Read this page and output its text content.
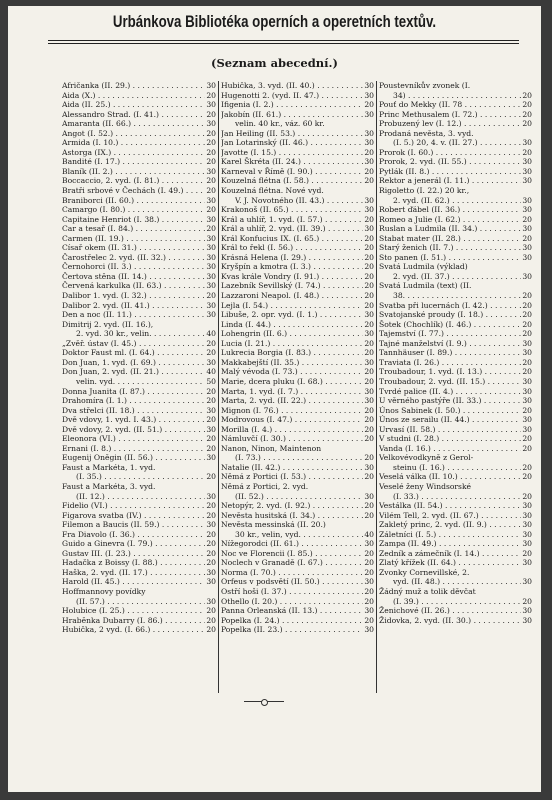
Urbánkova Bibliotéka operních a operetních textův.
(Seznam abecední.)
Afričanka (II. 29.) . . .	30
Aida (X.) . . .	20
Aida (II. 25.) . . .	30
Alessandro Strad. (I. 41.) . . .	20
Amaranta (II. 66.) . . .	30
Angot (I. 52.) . . .	20
Armida (I. 10.) . . .	20
Astorga (IX.) . . .	20
Bandité (I. 17.) . . .	20
Blaník (II. 2.) . . .	30
Boccaccio, 2. vyd. (I. 81.) . . .	20
Bratři srbové v Čechách (I. 49.) . . .	20
Braniborci (II. 60.) . . .	30
Camargo (I. 80.) . . .	20
Capitaine Henriot (I. 38.) . . .	30
Car a tesař (I. 84.) . . .	20
Carmen (II. 19.) . . .	30
Císař okem (II. 31.) . . .	30
Čarostřelec 2. vyd. (II. 32.) . . .	30
Černohorci (II. 3.) . . .	30
Čertova stěna (II. 14.) . . .	30
Červená karkulka (II. 63.) . . .	30
Dalibor 1. vyd. (I. 32.) . . .	20
Dalibor 2. vyd. (II. 41.) . . .	30
Den a noc (II. 11.) . . .	30
Dimitrij 2. vyd. (II. 16.),
2. vyd. 30 kr., velin. . . .	40
„Zvěř. ústav (I. 45.) . . .	20
Doktor Faust ml. (I. 64.) . . .	20
Don Juan, 1. vyd. (I. 69.) . . .	30
Don Juan, 2. vyd. (II. 21.) . . .	40
velin. vyd. . . .	50
Donna Juanita (I. 87.) . . .	20
Drahomíra (I. 1.) . . .	20
Dva střelci (II. 18.) . . .	30
Dvě vdovy, 1. vyd. I. 43.) . . .	20
Dvě vdovy, 2. vyd. (II. 51.) . . .	30
Eleonora (VI.) . . .	20
Ernani (I. 8.) . . .	20
Eugenij Oněgin (II. 56.) . . .	30
Faust a Markéta, 1. vyd.
(I. 35.) . . .	20
Faust a Markéta, 3. vyd.
(II. 12.) . . .	30
Fidelio (VI.) . . .	20
Figarova svatba (IV.) . . .	20
Filemon a Baucis (II. 59.) . . .	30
Fra Diavolo (I. 36.) . . .	20
Guido a Ginevra (I. 79.) . . .	20
Gustav III. (I. 23.) . . .	20
Hadačka z Boissy (I. 88.) . . .	20
Haška, 2. vyd. (II. 17.) . . .	30
Harold (II. 45.) . . .	30
Hoffmannovy povídky
(II. 57.) . . .	30
Holubice (I. 25.) . . .	20
Hraběnka Dubarry (I. 86.) . . .	20
Hubička, 2 vyd. (I. 66.) . . .	20
Hubička, 3. vyd. (II. 40.) . . .	30
Hugenotti 2. (vyd. II. 47.) . . .	30
Ifigenia (I. 2.) . . .	20
Jakobín (II. 61.) . . .	30
velin. 40 kr., váz. 60 kr.
Jan Heiling (II. 53.) . . .	30
Jan Lotarinský (II. 46.) . . .	30
Javotte (I. 15.) . . .	20
Karel Škréta (II. 24.) . . .	30
Karneval v Římě (I. 90.) . . .	20
Kouzelná flétna (I. 58.) . . .	20
Kouzelná flétna. Nové vyd.
V. J. Novotného (II. 43.) . . .	30
Krakonoš (II. 65.) . . .	30
Král a uhlíř, 1. vyd. (I. 57.) . . .	20
Král a uhlíř, 2. vyd. (II. 39.) . . .	30
Král Konfucius IX. (I. 65.) . . .	20
Král to řekl (I. 56.) . . .	20
Krásná Helena (I. 29.) . . .	20
Kryšpín a kmotra (I. 3.) . . .	20
Kvas krále Vondry (I. 91.) . . .	20
Lazebník Sevillský (I. 74.) . . .	20
Lazzaroni Neapol. (I. 48.) . . .	20
Lejla (I. 54.) . . .	20
Libuše, 2. opr. vyd. (I. 1.) . . .	30
Linda (I. 44.) . . .	20
Lohengrin (II. 6.) . . .	30
Lucia (I. 21.) . . .	20
Lukrecia Borgia (I. 83.) . . .	20
Makkabejští (II. 35.) . . .	30
Malý vévoda (I. 73.) . . .	20
Marie, dcera pluku (I. 68.) . . .	20
Marta, 1. vyd. (I. 7.) . . .	30
Marta, 2. vyd. (II. 22.) . . .	30
Mignon (I. 76.) . . .	20
Modrovous (I. 47.) . . .	20
Morilla (I. 4.) . . .	20
Námluvčí (I. 30.) . . .	20
Nanon, Ninon, Maintenon
(I. 73.) . . .	20
Natalie (II. 42.) . . .	30
Němá z Portici (I. 53.) . . .	20
Němá z Portici, 2. vyd.
(II. 52.) . . .	30
Netopýr, 2. vyd. (I. 92.) . . .	20
Nevěsta husitská (I. 34.) . . .	20
Nevěsta messinská (II. 20.)
30 kr., velin, vyd. . . .	40
Nížegorodci (II. 61.) . . .	30
Noc ve Florencii (I. 85.) . . .	20
Noclech v Granadě (I. 67.) . . .	20
Norma (I. 70.) . . .	20
Orfeus v podsvětí (II. 50.) . . .	30
Ostří hoši (I. 37.) . . .	20
Othello (I. 20.) . . .	20
Panna Orleanská (II. 13.) . . .	30
Popelka (I. 24.) . . .	20
Popelka (II. 23.) . . .	30
Poustevníkův zvonek (I.
34) . . .	20
Pouť do Mekky (II. 78 . . .	20
Princ Methusalem (I. 72.) . . .	20
Probuzený lev (I. 12.) . . .	20
Prodaná nevěsta, 3. vyd.
(I. 5.) 20, 4. v. (II. 27.) . . .	30
Prorok (I. 60.) . . .	20
Prorok, 2. vyd. (II. 55.) . . .	30
Pytlák (II. 8.) . . .	30
Rektor a jenerál (I. 11.) . . .	30
Rigoletto (I. 22.) 20 kr.,
2. vyd. (II. 62.) . . .	30
Robert ďábel (II. 36.) . . .	30
Romeo a Julie (I. 62.) . . .	20
Ruslan a Ludmila (II. 34.) . . .	30
Stabat mater (II. 28.) . . .	20
Starý ženich (II. 7.) . . .	30
Sto panen (I. 51.) . . .	30
Svatá Ludmila (výklad)
2. vyd. (II. 37.) . . .	30
Svatá Ludmila (text) (II.
38. . . .	20
Svatba při lucernách (I. 42.) . . .	20
Svatojanské proudy (I. 18.) . . .	20
Šotek (Chochlík) (I. 46.) . . .	20
Tajemství (I. 77.) . . .	20
Tajné manželství (I. 9.) . . .	30
Tannhäuser (I. 89.) . . .	30
Traviata (I. 26.) . . .	20
Troubadour, 1. vyd. (I. 13.) . . .	20
Troubadour, 2. vyd. (II. 15.) . . .	30
Tvrdé palice (II. 4.) . . .	30
U věrného pastýře (II. 33.) . . .	30
Únos Sabinek (I. 50.) . . .	20
Únos ze serailu (II. 44.) . . .	30
Urvasí (II. 58.) . . .	30
V studni (I. 28.) . . .	20
Vanda (I. 16.) . . .	20
Velkovévodkyně z Gerol-
steinu (I. 16.) . . .	20
Veselá válka (II. 10.) . . .	20
Veselé ženy Windsorské
(I. 33.) . . .	20
Vestálka (II. 54.) . . .	30
Vilém Tell, 2. vyd. (II. 67.) . . .	30
Zakletý princ, 2. vyd. (II. 9.) . . .	30
Záletníci (I. 5.) . . .	30
Zampa (II. 49.) . . .	30
Zedník a zámečník (I. 14.) . . .	20
Zlatý křížek (II. 64.) . . .	30
Zvonky Cornevillské, 2.
vyd. (II. 48.) . . .	30
Žádný muž a tolik děvčat
(I. 39.) . . .	20
Ženichové (II. 26.) . . .	30
Židovka, 2. vyd. (II. 30.) . . .	30
